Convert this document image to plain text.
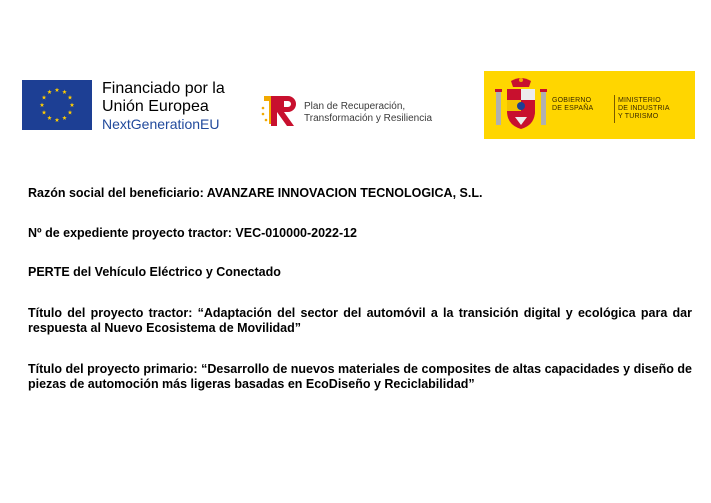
Financiado por la Unión Europea
NextGenerationEU
Plan de Recuperación,
Transformación y Resiliencia
GOBIERNO
DE ESPAÑA
MINISTERIO
DE INDUSTRIA
Y TURISMO
Razón social del beneficiario: AVANZARE INNOVACION TECNOLOGICA, S.L.
Nº de expediente proyecto tractor: VEC-010000-2022-12
PERTE del Vehículo Eléctrico y Conectado
Título del proyecto tractor: “Adaptación del sector del automóvil a la transición digital y ecológica para dar respuesta al Nuevo Ecosistema de Movilidad”
Título del proyecto primario: “Desarrollo de nuevos materiales de composites de altas capacidades y diseño de piezas de automoción más ligeras basadas en EcoDiseño y Reciclabilidad”
